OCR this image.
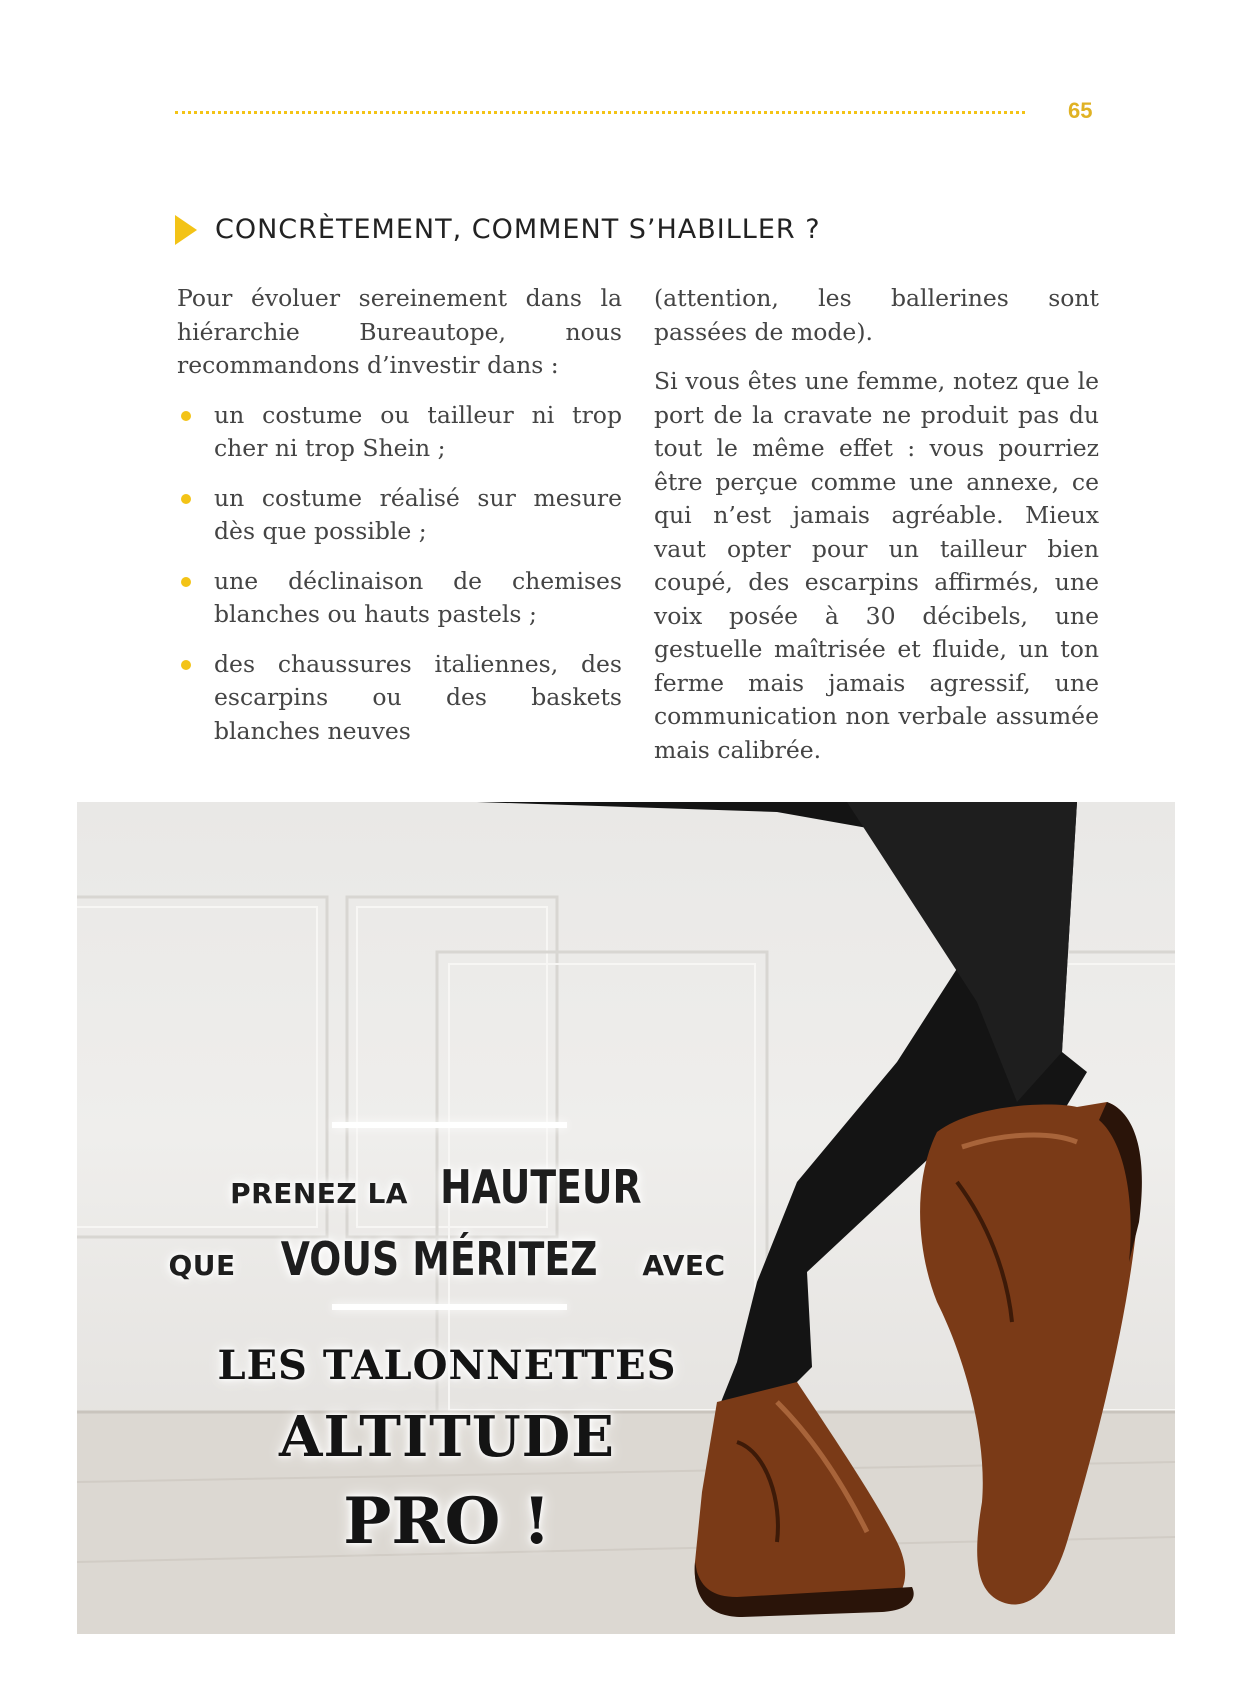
65
CONCRÈTEMENT, COMMENT S’HABILLER ?

Pour évoluer sereinement dans la hiérarchie Bureautope, nous recommandons d’investir dans :

un costume ou tailleur ni trop cher ni trop Shein ;
un costume réalisé sur mesure dès que possible ;
une déclinaison de chemises blanches ou hauts pastels ;
des chaussures italiennes, des escarpins ou des baskets blanches neuves

(attention, les ballerines sont passées de mode).

Si vous êtes une femme, notez que le port de la cravate ne produit pas du tout le même effet : vous pourriez être perçue comme une annexe, ce qui n’est jamais agréable. Mieux vaut opter pour un tailleur bien coupé, des escarpins affirmés, une voix posée à 30 décibels, une gestuelle maîtrisée et fluide, un ton ferme mais jamais agressif, une communication non verbale assumée mais calibrée.

PRENEZ LA HAUTEUR
QUE VOUS MÉRITEZ AVEC
LES TALONNETTES
ALTITUDE
PRO !
